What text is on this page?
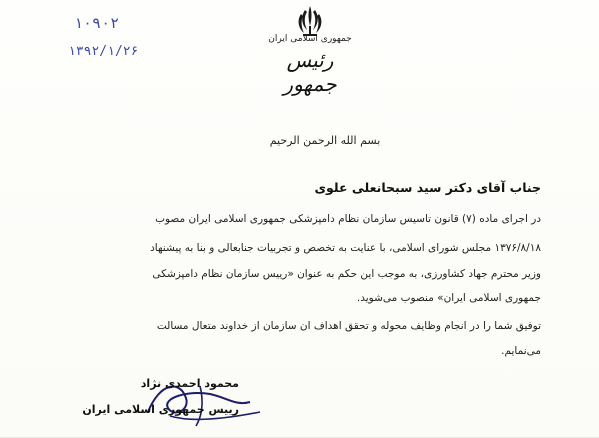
۱۰۹۰۲
۱۳۹۲/۱/۲۶
جمهوری اسلامی ایران
رئیس جمهور
بسم الله الرحمن الرحیم
جناب آقای دکتر سید سبحانعلی علوی
در اجرای ماده (۷) قانون تأسیس سازمان نظام دامپزشکی جمهوری اسلامی ایران مصوب
۱۳۷۶/۸/۱۸ مجلس شورای اسلامی، با عنایت به تخصص و تجربیات جنابعالی و بنا به پیشنهاد
وزیر محترم جهاد کشاورزی، به موجب این حکم به عنوان «رییس سازمان نظام دامپزشکی
جمهوری اسلامی ایران» منصوب می‌شوید.
توفیق شما را در انجام وظایف محوله و تحقق اهداف آن سازمان از خداوند متعال مسألت
می‌نمایم.
محمود احمدی نژاد
رییس جمهوری اسلامی ایران
